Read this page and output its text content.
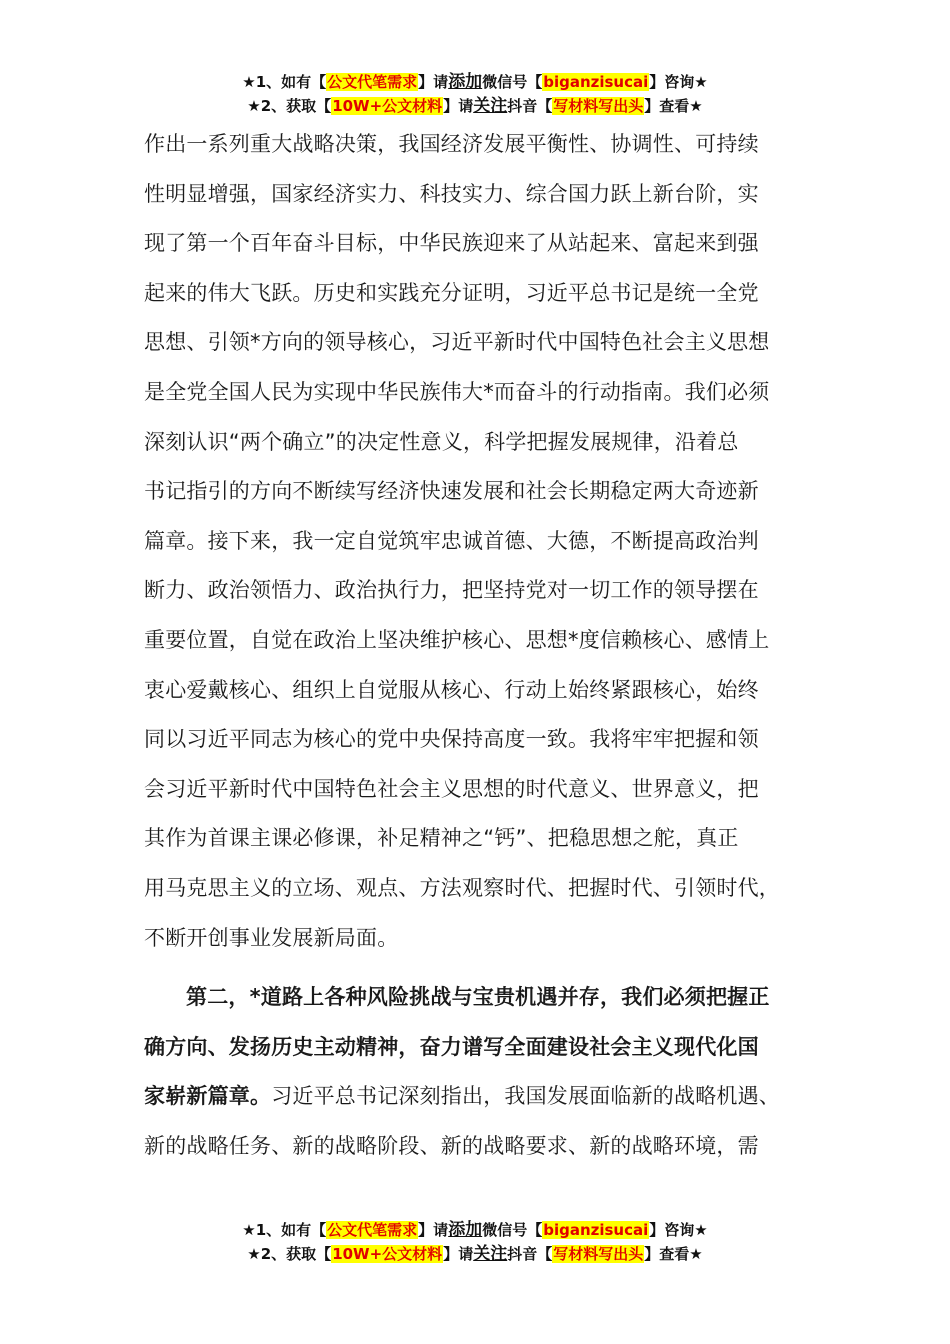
★1、如有【公文代笔需求】请添加微信号【biganzisucai】咨询★
★2、获取【10W+公文材料】请关注抖音【写材料写出头】查看★

作出一系列重大战略决策，我国经济发展平衡性、协调性、可持续
性明显增强，国家经济实力、科技实力、综合国力跃上新台阶，实
现了第一个百年奋斗目标，中华民族迎来了从站起来、富起来到强
起来的伟大飞跃。历史和实践充分证明，习近平总书记是统一全党
思想、引领*方向的领导核心，习近平新时代中国特色社会主义思想
是全党全国人民为实现中华民族伟大*而奋斗的行动指南。我们必须
深刻认识“两个确立”的决定性意义，科学把握发展规律，沿着总
书记指引的方向不断续写经济快速发展和社会长期稳定两大奇迹新
篇章。接下来，我一定自觉筑牢忠诚首德、大德，不断提高政治判
断力、政治领悟力、政治执行力，把坚持党对一切工作的领导摆在
重要位置，自觉在政治上坚决维护核心、思想*度信赖核心、感情上
衷心爱戴核心、组织上自觉服从核心、行动上始终紧跟核心，始终
同以习近平同志为核心的党中央保持高度一致。我将牢牢把握和领
会习近平新时代中国特色社会主义思想的时代意义、世界意义，把
其作为首课主课必修课，补足精神之“钙”、把稳思想之舵，真正
用马克思主义的立场、观点、方法观察时代、把握时代、引领时代，
不断开创事业发展新局面。

第二，*道路上各种风险挑战与宝贵机遇并存，我们必须把握正
确方向、发扬历史主动精神，奋力谱写全面建设社会主义现代化国
家崭新篇章。习近平总书记深刻指出，我国发展面临新的战略机遇、
新的战略任务、新的战略阶段、新的战略要求、新的战略环境，需

★1、如有【公文代笔需求】请添加微信号【biganzisucai】咨询★
★2、获取【10W+公文材料】请关注抖音【写材料写出头】查看★
